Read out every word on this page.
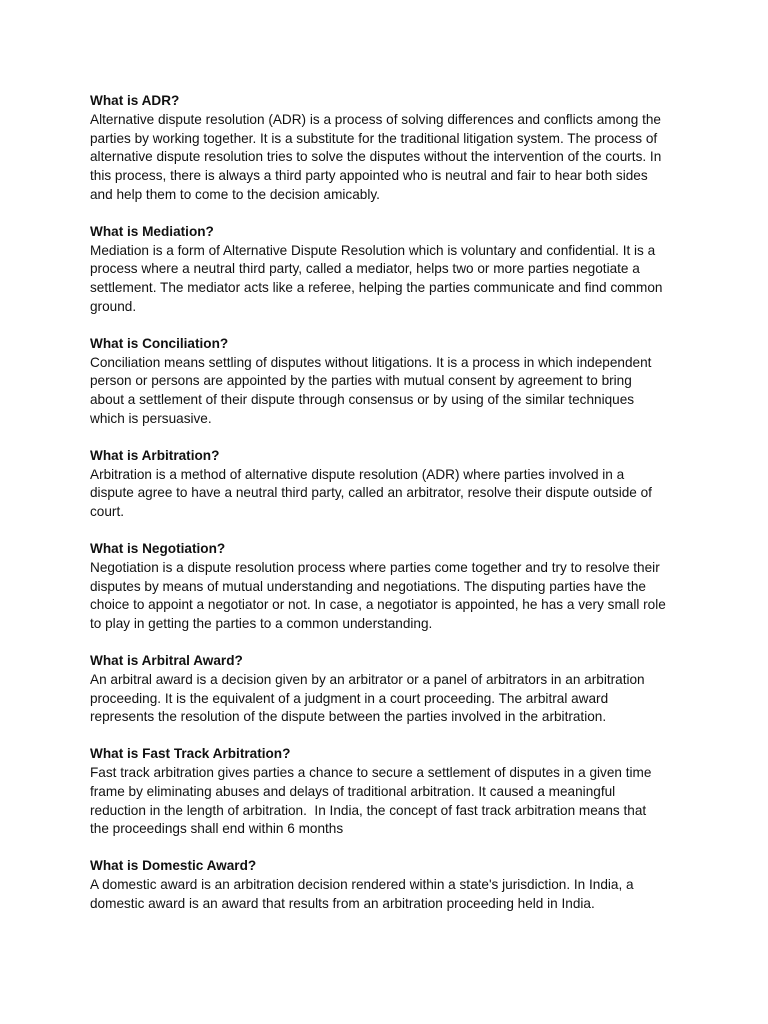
What is ADR?

Alternative dispute resolution (ADR) is a process of solving differences and conflicts among the
parties by working together. It is a substitute for the traditional litigation system. The process of
alternative dispute resolution tries to solve the disputes without the intervention of the courts. In
this process, there is always a third party appointed who is neutral and fair to hear both sides
and help them to come to the decision amicably.

What is Mediation?

Mediation is a form of Alternative Dispute Resolution which is voluntary and confidential. It is a
process where a neutral third party, called a mediator, helps two or more parties negotiate a
settlement. The mediator acts like a referee, helping the parties communicate and find common
ground.

What is Conciliation?

Conciliation means settling of disputes without litigations. It is a process in which independent
person or persons are appointed by the parties with mutual consent by agreement to bring
about a settlement of their dispute through consensus or by using of the similar techniques
which is persuasive.

What is Arbitration?

Arbitration is a method of alternative dispute resolution (ADR) where parties involved in a
dispute agree to have a neutral third party, called an arbitrator, resolve their dispute outside of
court.

What is Negotiation?

Negotiation is a dispute resolution process where parties come together and try to resolve their
disputes by means of mutual understanding and negotiations. The disputing parties have the
choice to appoint a negotiator or not. In case, a negotiator is appointed, he has a very small role
to play in getting the parties to a common understanding.

What is Arbitral Award?

An arbitral award is a decision given by an arbitrator or a panel of arbitrators in an arbitration
proceeding. It is the equivalent of a judgment in a court proceeding. The arbitral award
represents the resolution of the dispute between the parties involved in the arbitration.

What is Fast Track Arbitration?

Fast track arbitration gives parties a chance to secure a settlement of disputes in a given time
frame by eliminating abuses and delays of traditional arbitration. It caused a meaningful
reduction in the length of arbitration.  In India, the concept of fast track arbitration means that
the proceedings shall end within 6 months

What is Domestic Award?

A domestic award is an arbitration decision rendered within a state's jurisdiction. In India, a
domestic award is an award that results from an arbitration proceeding held in India.
